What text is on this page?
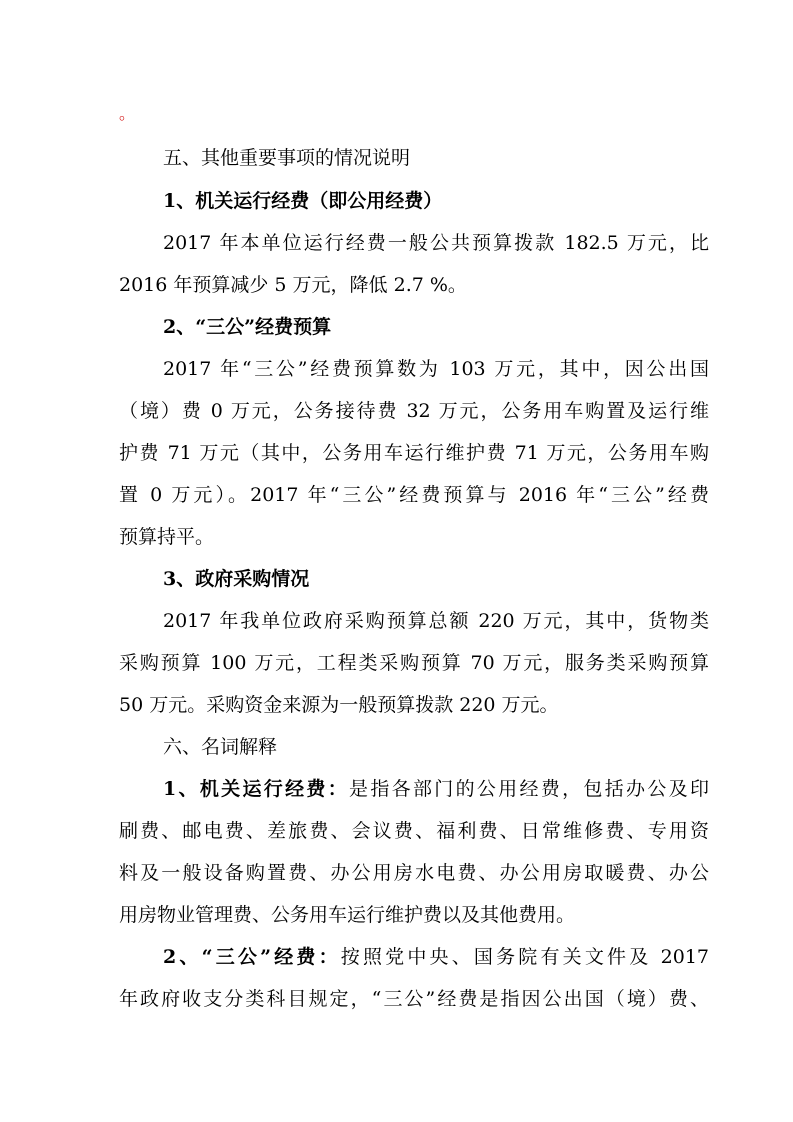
。
五、其他重要事项的情况说明
1、机关运行经费（即公用经费）
2017 年本单位运行经费一般公共预算拨款 182.5 万元，比
2016 年预算减少 5 万元，降低 2.7 %。
2、“三公”经费预算
2017 年“三公”经费预算数为 103 万元，其中，因公出国
（境）费 0 万元，公务接待费 32 万元，公务用车购置及运行维
护费 71 万元（其中，公务用车运行维护费 71 万元，公务用车购
置 0 万元）。2017 年“三公”经费预算与 2016 年“三公”经费
预算持平。
3、政府采购情况
2017 年我单位政府采购预算总额 220 万元，其中，货物类
采购预算 100 万元，工程类采购预算 70 万元，服务类采购预算
50 万元。采购资金来源为一般预算拨款 220 万元。
六、名词解释
1、机关运行经费：是指各部门的公用经费，包括办公及印
刷费、邮电费、差旅费、会议费、福利费、日常维修费、专用资
料及一般设备购置费、办公用房水电费、办公用房取暖费、办公
用房物业管理费、公务用车运行维护费以及其他费用。
2、“三公”经费：按照党中央、国务院有关文件及 2017
年政府收支分类科目规定，“三公”经费是指因公出国（境）费、
